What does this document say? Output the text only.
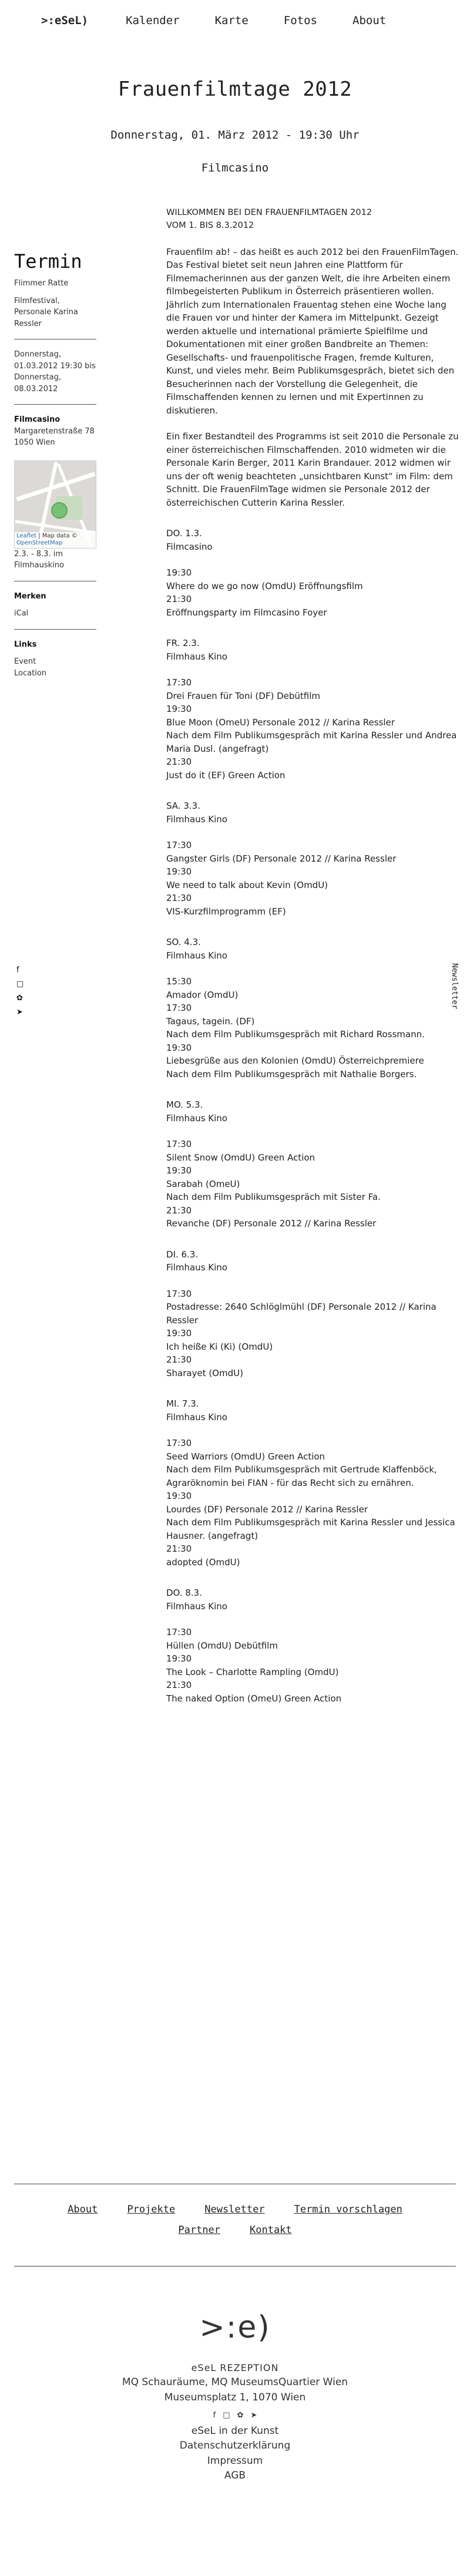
>:eSeL)	Kalender	Karte	Fotos	About
Frauenfilmtage 2012
Donnerstag, 01. März 2012 - 19:30 Uhr
Filmcasino
Termin
Flimmer Ratte
Filmfestival, Personale Karina Ressler
Donnerstag, 01.03.2012 19:30 bis Donnerstag, 08.03.2012
Filmcasino
Margaretenstraße 78
1050 Wien
Leaflet | Map data © OpenStreetMap
2.3. - 8.3. im Filmhauskino
Merken
iCal
Links
Event
Location
f
□
✿
➤
Newsletter
WILLKOMMEN BEI DEN FRAUENFILMTAGEN 2012
VOM 1. BIS 8.3.2012

Frauenfilm ab! – das heißt es auch 2012 bei den FrauenFilmTagen. Das Festival bietet seit neun Jahren eine Plattform für Filmemacherinnen aus der ganzen Welt, die ihre Arbeiten einem filmbegeisterten Publikum in Österreich präsentieren wollen. Jährlich zum Internationalen Frauentag stehen eine Woche lang die Frauen vor und hinter der Kamera im Mittelpunkt. Gezeigt werden aktuelle und international prämierte Spielfilme und Dokumentationen mit einer großen Bandbreite an Themen: Gesellschafts- und frauenpolitische Fragen, fremde Kulturen, Kunst, und vieles mehr. Beim Publikumsgespräch, bietet sich den Besucherinnen nach der Vorstellung die Gelegenheit, die Filmschaffenden kennen zu lernen und mit Expertinnen zu diskutieren.

Ein fixer Bestandteil des Programms ist seit 2010 die Personale zu einer österreichischen Filmschaffenden. 2010 widmeten wir die Personale Karin Berger, 2011 Karin Brandauer. 2012 widmen wir uns der oft wenig beachteten „unsichtbaren Kunst“ im Film: dem Schnitt. Die FrauenFilmTage widmen sie Personale 2012 der österreichischen Cutterin Karina Ressler.

DO. 1.3.
Filmcasino
19:30
Where do we go now (OmdU) Eröffnungsfilm
21:30
Eröffnungsparty im Filmcasino Foyer
FR. 2.3.
Filmhaus Kino
17:30
Drei Frauen für Toni (DF) Debütfilm
19:30
Blue Moon (OmeU) Personale 2012 // Karina Ressler
Nach dem Film Publikumsgespräch mit Karina Ressler und Andrea Maria Dusl. (angefragt)
21:30
Just do it (EF) Green Action
SA. 3.3.
Filmhaus Kino
17:30
Gangster Girls (DF) Personale 2012 // Karina Ressler
19:30
We need to talk about Kevin (OmdU)
21:30
VIS-Kurzfilmprogramm (EF)
SO. 4.3.
Filmhaus Kino
15:30
Amador (OmdU)
17:30
Tagaus, tagein. (DF)
Nach dem Film Publikumsgespräch mit Richard Rossmann.
19:30
Liebesgrüße aus den Kolonien (OmdU) Österreichpremiere
Nach dem Film Publikumsgespräch mit Nathalie Borgers.
MO. 5.3.
Filmhaus Kino
17:30
Silent Snow (OmdU) Green Action
19:30
Sarabah (OmeU)
Nach dem Film Publikumsgespräch mit Sister Fa.
21:30
Revanche (DF) Personale 2012 // Karina Ressler
DI. 6.3.
Filmhaus Kino
17:30
Postadresse: 2640 Schlöglmühl (DF) Personale 2012 // Karina Ressler
19:30
Ich heiße Ki (Ki) (OmdU)
21:30
Sharayet (OmdU)
MI. 7.3.
Filmhaus Kino
17:30
Seed Warriors (OmdU) Green Action
Nach dem Film Publikumsgespräch mit Gertrude Klaffenböck, Agraröknomin bei FIAN - für das Recht sich zu ernähren.
19:30
Lourdes (DF) Personale 2012 // Karina Ressler
Nach dem Film Publikumsgespräch mit Karina Ressler und Jessica Hausner. (angefragt)
21:30
adopted (OmdU)
DO. 8.3.
Filmhaus Kino
17:30
Hüllen (OmdU) Debütfilm
19:30
The Look – Charlotte Rampling (OmdU)
21:30
The naked Option (OmeU) Green Action
About	Projekte	Newsletter	Termin vorschlagen
Partner	Kontakt
>:e)
eSeL REZEPTION
MQ Schauräume, MQ MuseumsQuartier Wien
Museumsplatz 1, 1070 Wien
f □ ✿ ➤
eSeL in der Kunst
Datenschutzerklärung
Impressum
AGB
